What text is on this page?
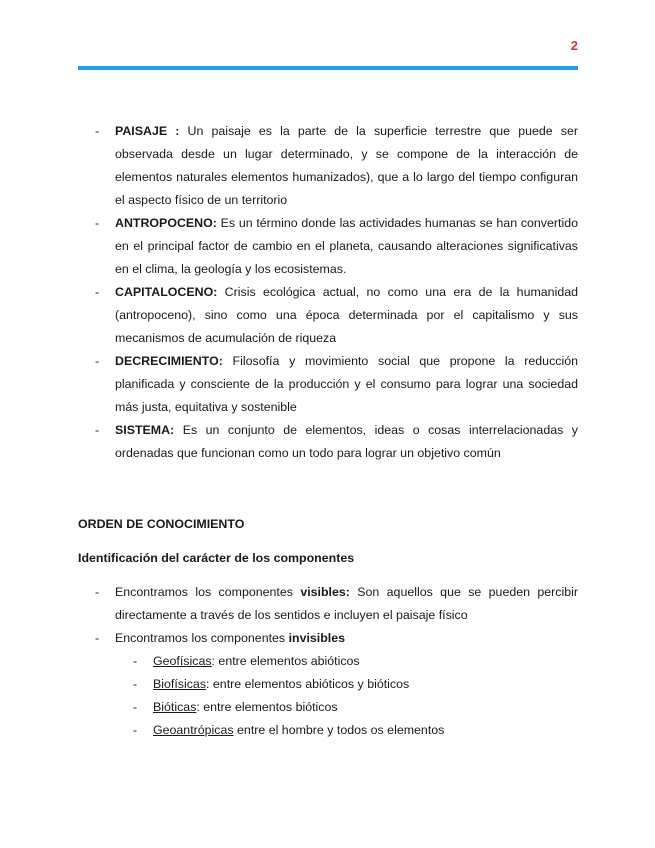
2
- PAISAJE : Un paisaje es la parte de la superficie terrestre que puede ser observada desde un lugar determinado, y se compone de la interacción de elementos naturales elementos humanizados), que a lo largo del tiempo configuran el aspecto físico de un territorio
- ANTROPOCENO: Es un término donde las actividades humanas se han convertido en el principal factor de cambio en el planeta, causando alteraciones significativas en el clima, la geología y los ecosistemas.
- CAPITALOCENO: Crisis ecológica actual, no como una era de la humanidad (antropoceno), sino como una época determinada por el capitalismo y sus mecanismos de acumulación de riqueza
- DECRECIMIENTO: Filosofía y movimiento social que propone la reducción planificada y consciente de la producción y el consumo para lograr una sociedad más justa, equitativa y sostenible
- SISTEMA: Es un conjunto de elementos, ideas o cosas interrelacionadas y ordenadas que funcionan como un todo para lograr un objetivo común

ORDEN DE CONOCIMIENTO

Identificación del carácter de los componentes

- Encontramos los componentes visibles: Son aquellos que se pueden percibir directamente a través de los sentidos e incluyen el paisaje físico
- Encontramos los componentes invisibles
- Geofísicas: entre elementos abióticos
- Biofísicas: entre elementos abióticos y bióticos
- Bióticas: entre elementos bióticos
- Geoantrópicas entre el hombre y todos os elementos
